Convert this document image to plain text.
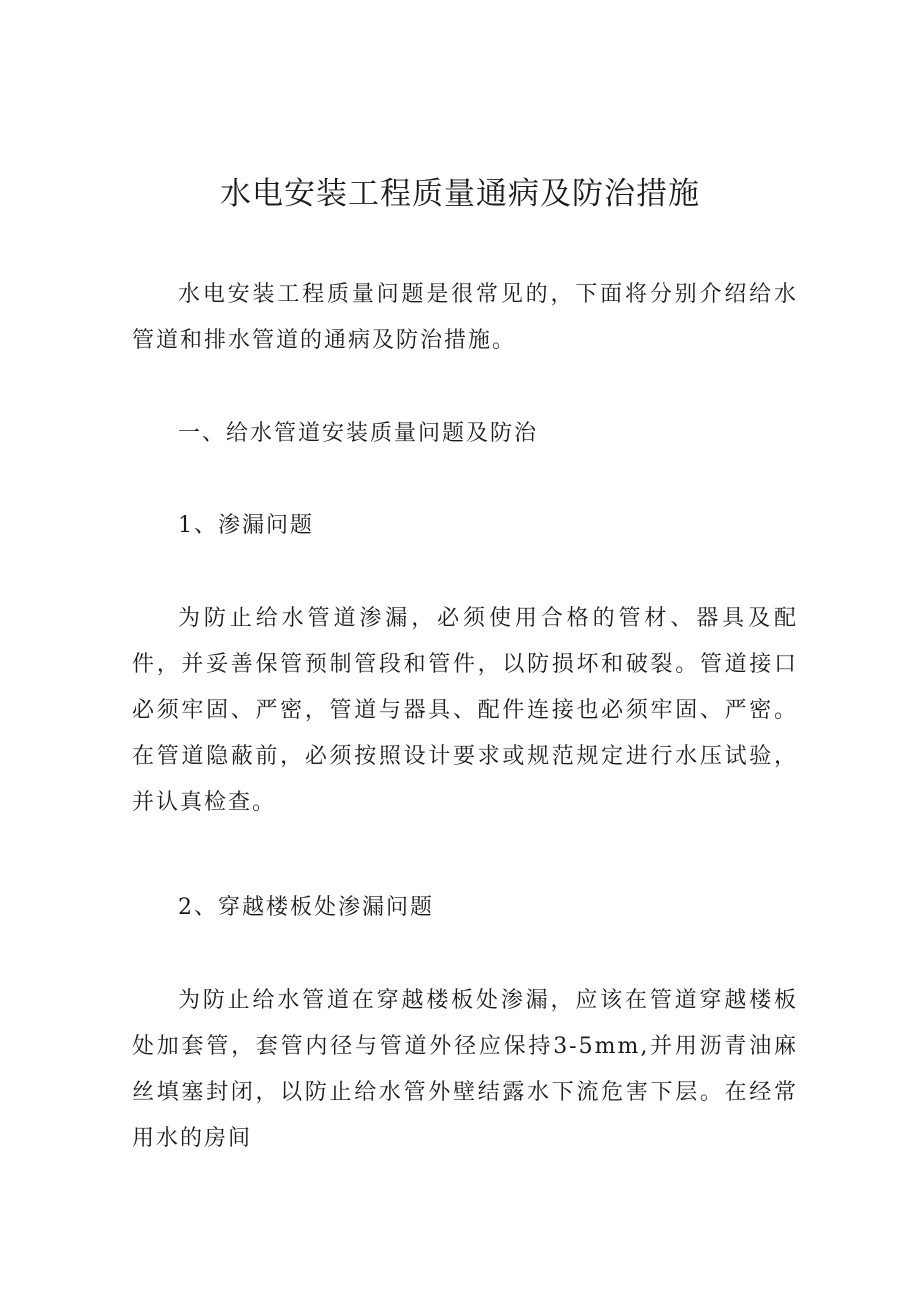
水电安装工程质量通病及防治措施

水电安装工程质量问题是很常见的，下面将分别介绍给水管道和排水管道的通病及防治措施。

一、给水管道安装质量问题及防治

1、渗漏问题

为防止给水管道渗漏，必须使用合格的管材、器具及配件，并妥善保管预制管段和管件，以防损坏和破裂。管道接口必须牢固、严密，管道与器具、配件连接也必须牢固、严密。在管道隐蔽前，必须按照设计要求或规范规定进行水压试验，并认真检查。

2、穿越楼板处渗漏问题

为防止给水管道在穿越楼板处渗漏，应该在管道穿越楼板处加套管，套管内径与管道外径应保持3-5mm,并用沥青油麻丝填塞封闭，以防止给水管外壁结露水下流危害下层。在经常用水的房间
